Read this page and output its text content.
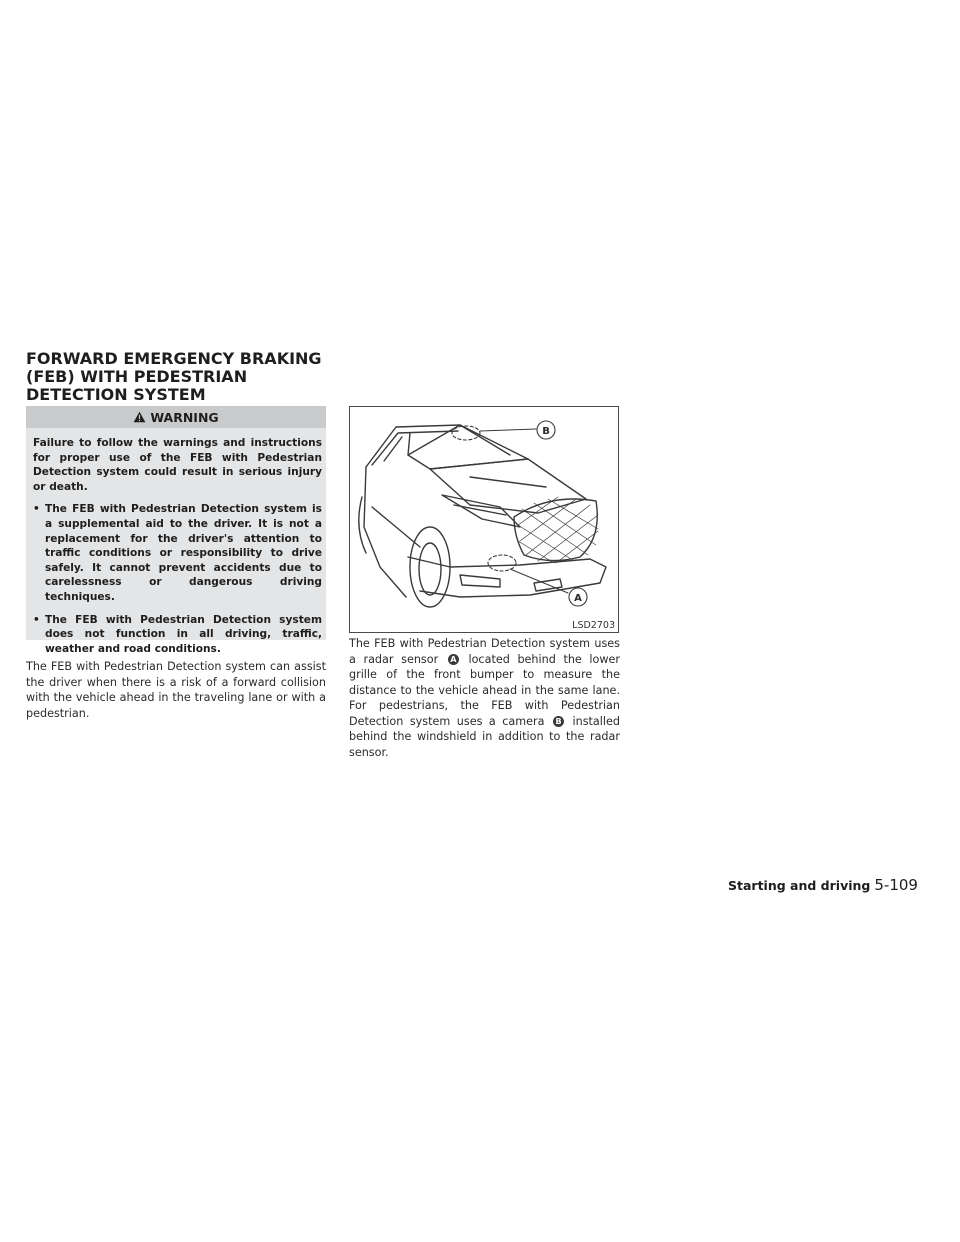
FORWARD EMERGENCY BRAKING
(FEB) WITH PEDESTRIAN
DETECTION SYSTEM
WARNING

Failure to follow the warnings and instructions for proper use of the FEB with Pedestrian Detection system could result in serious injury or death.

• The FEB with Pedestrian Detection system is a supplemental aid to the driver. It is not a replacement for the driver's attention to traffic conditions or responsibility to drive safely. It cannot prevent accidents due to carelessness or dangerous driving techniques.
• The FEB with Pedestrian Detection system does not function in all driving, traffic, weather and road conditions.

The FEB with Pedestrian Detection system can assist the driver when there is a risk of a forward collision with the vehicle ahead in the traveling lane or with a pedestrian.

B
A
LSD2703

The FEB with Pedestrian Detection system uses a radar sensor A located behind the lower grille of the front bumper to measure the distance to the vehicle ahead in the same lane. For pedestrians, the FEB with Pedestrian Detection system uses a camera B installed behind the windshield in addition to the radar sensor.

Starting and driving 5-109
